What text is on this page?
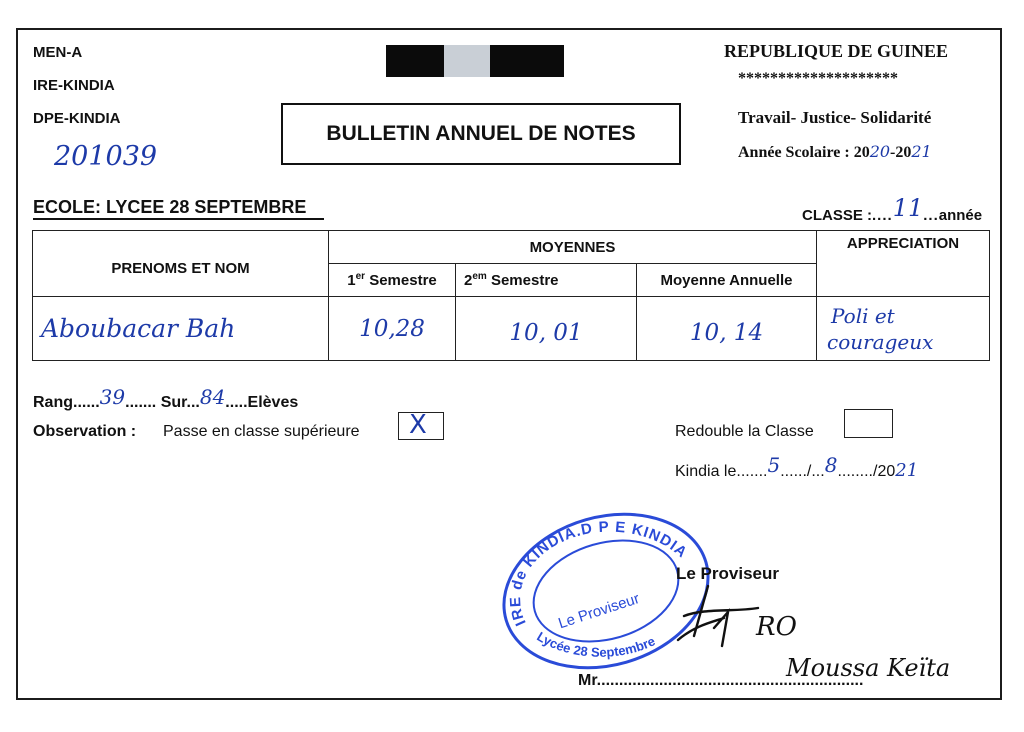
MEN-A
IRE-KINDIA
DPE-KINDIA
201039
BULLETIN ANNUEL DE NOTES
REPUBLIQUE DE GUINEE
********************
Travail- Justice- Solidarité
Année Scolaire : 2020-2021
ECOLE: LYCEE 28 SEPTEMBRE	CLASSE :....11...année
PRENOMS ET NOM	MOYENNES			APPRECIATION
	1er Semestre	$2^{em}$ Semestre	Moyenne Annuelle	
Aboubacar Bah	10,28	10, 01	10, 14	Poli et
courageux
Rang......39....... Sur...84.....Elèves
Observation : Passe en classe supérieure X	Redouble la Classe
Kindia le.......5....../...8......../2021
IRE de KINDIA.D P E KINDIA
Lycée 28 Septembre
Le Proviseur
Le Proviseur
RO
Mr............................................................
Moussa Keïta
